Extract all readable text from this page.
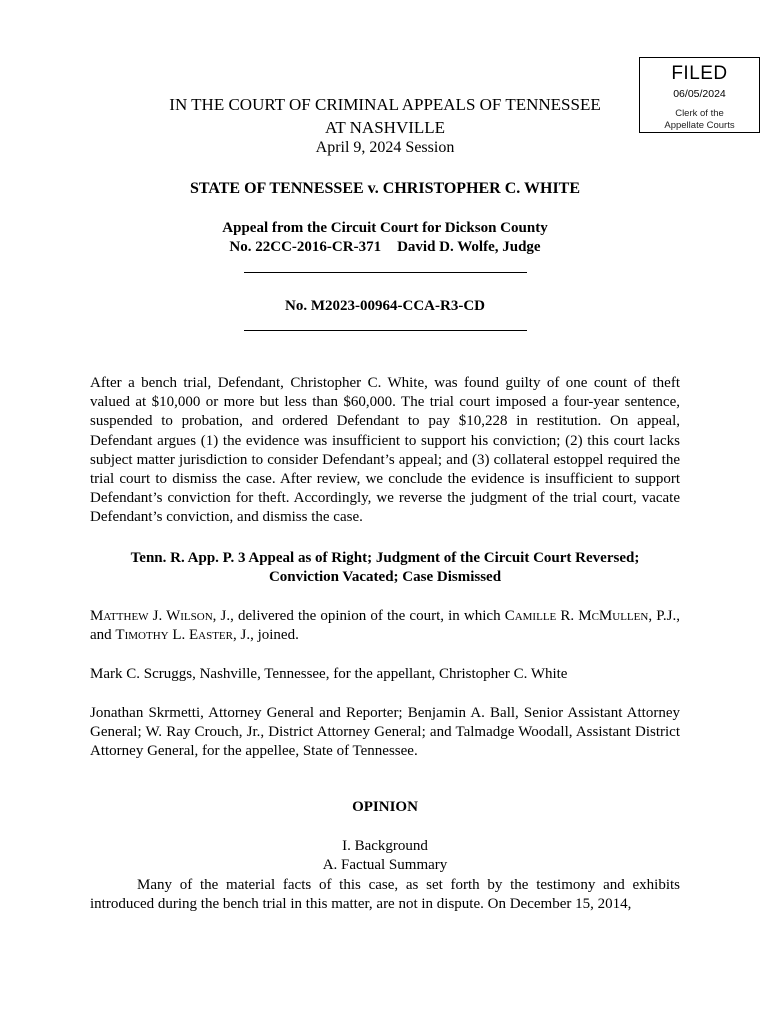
FILED
06/05/2024
Clerk of the
Appellate Courts
IN THE COURT OF CRIMINAL APPEALS OF TENNESSEE
AT NASHVILLE
April 9, 2024 Session
STATE OF TENNESSEE v. CHRISTOPHER C. WHITE
Appeal from the Circuit Court for Dickson County
No. 22CC-2016-CR-371 David D. Wolfe, Judge
No. M2023-00964-CCA-R3-CD
After a bench trial, Defendant, Christopher C. White, was found guilty of one count of theft valued at $10,000 or more but less than $60,000. The trial court imposed a four-year sentence, suspended to probation, and ordered Defendant to pay $10,228 in restitution. On appeal, Defendant argues (1) the evidence was insufficient to support his conviction; (2) this court lacks subject matter jurisdiction to consider Defendant’s appeal; and (3) collateral estoppel required the trial court to dismiss the case. After review, we conclude the evidence is insufficient to support Defendant’s conviction for theft. Accordingly, we reverse the judgment of the trial court, vacate Defendant’s conviction, and dismiss the case.
Tenn. R. App. P. 3 Appeal as of Right; Judgment of the Circuit Court Reversed;
Conviction Vacated; Case Dismissed
Matthew J. Wilson, J., delivered the opinion of the court, in which Camille R. McMullen, P.J., and Timothy L. Easter, J., joined.
Mark C. Scruggs, Nashville, Tennessee, for the appellant, Christopher C. White
Jonathan Skrmetti, Attorney General and Reporter; Benjamin A. Ball, Senior Assistant Attorney General; W. Ray Crouch, Jr., District Attorney General; and Talmadge Woodall, Assistant District Attorney General, for the appellee, State of Tennessee.
OPINION
I. Background
A. Factual Summary
Many of the material facts of this case, as set forth by the testimony and exhibits introduced during the bench trial in this matter, are not in dispute. On December 15, 2014,
